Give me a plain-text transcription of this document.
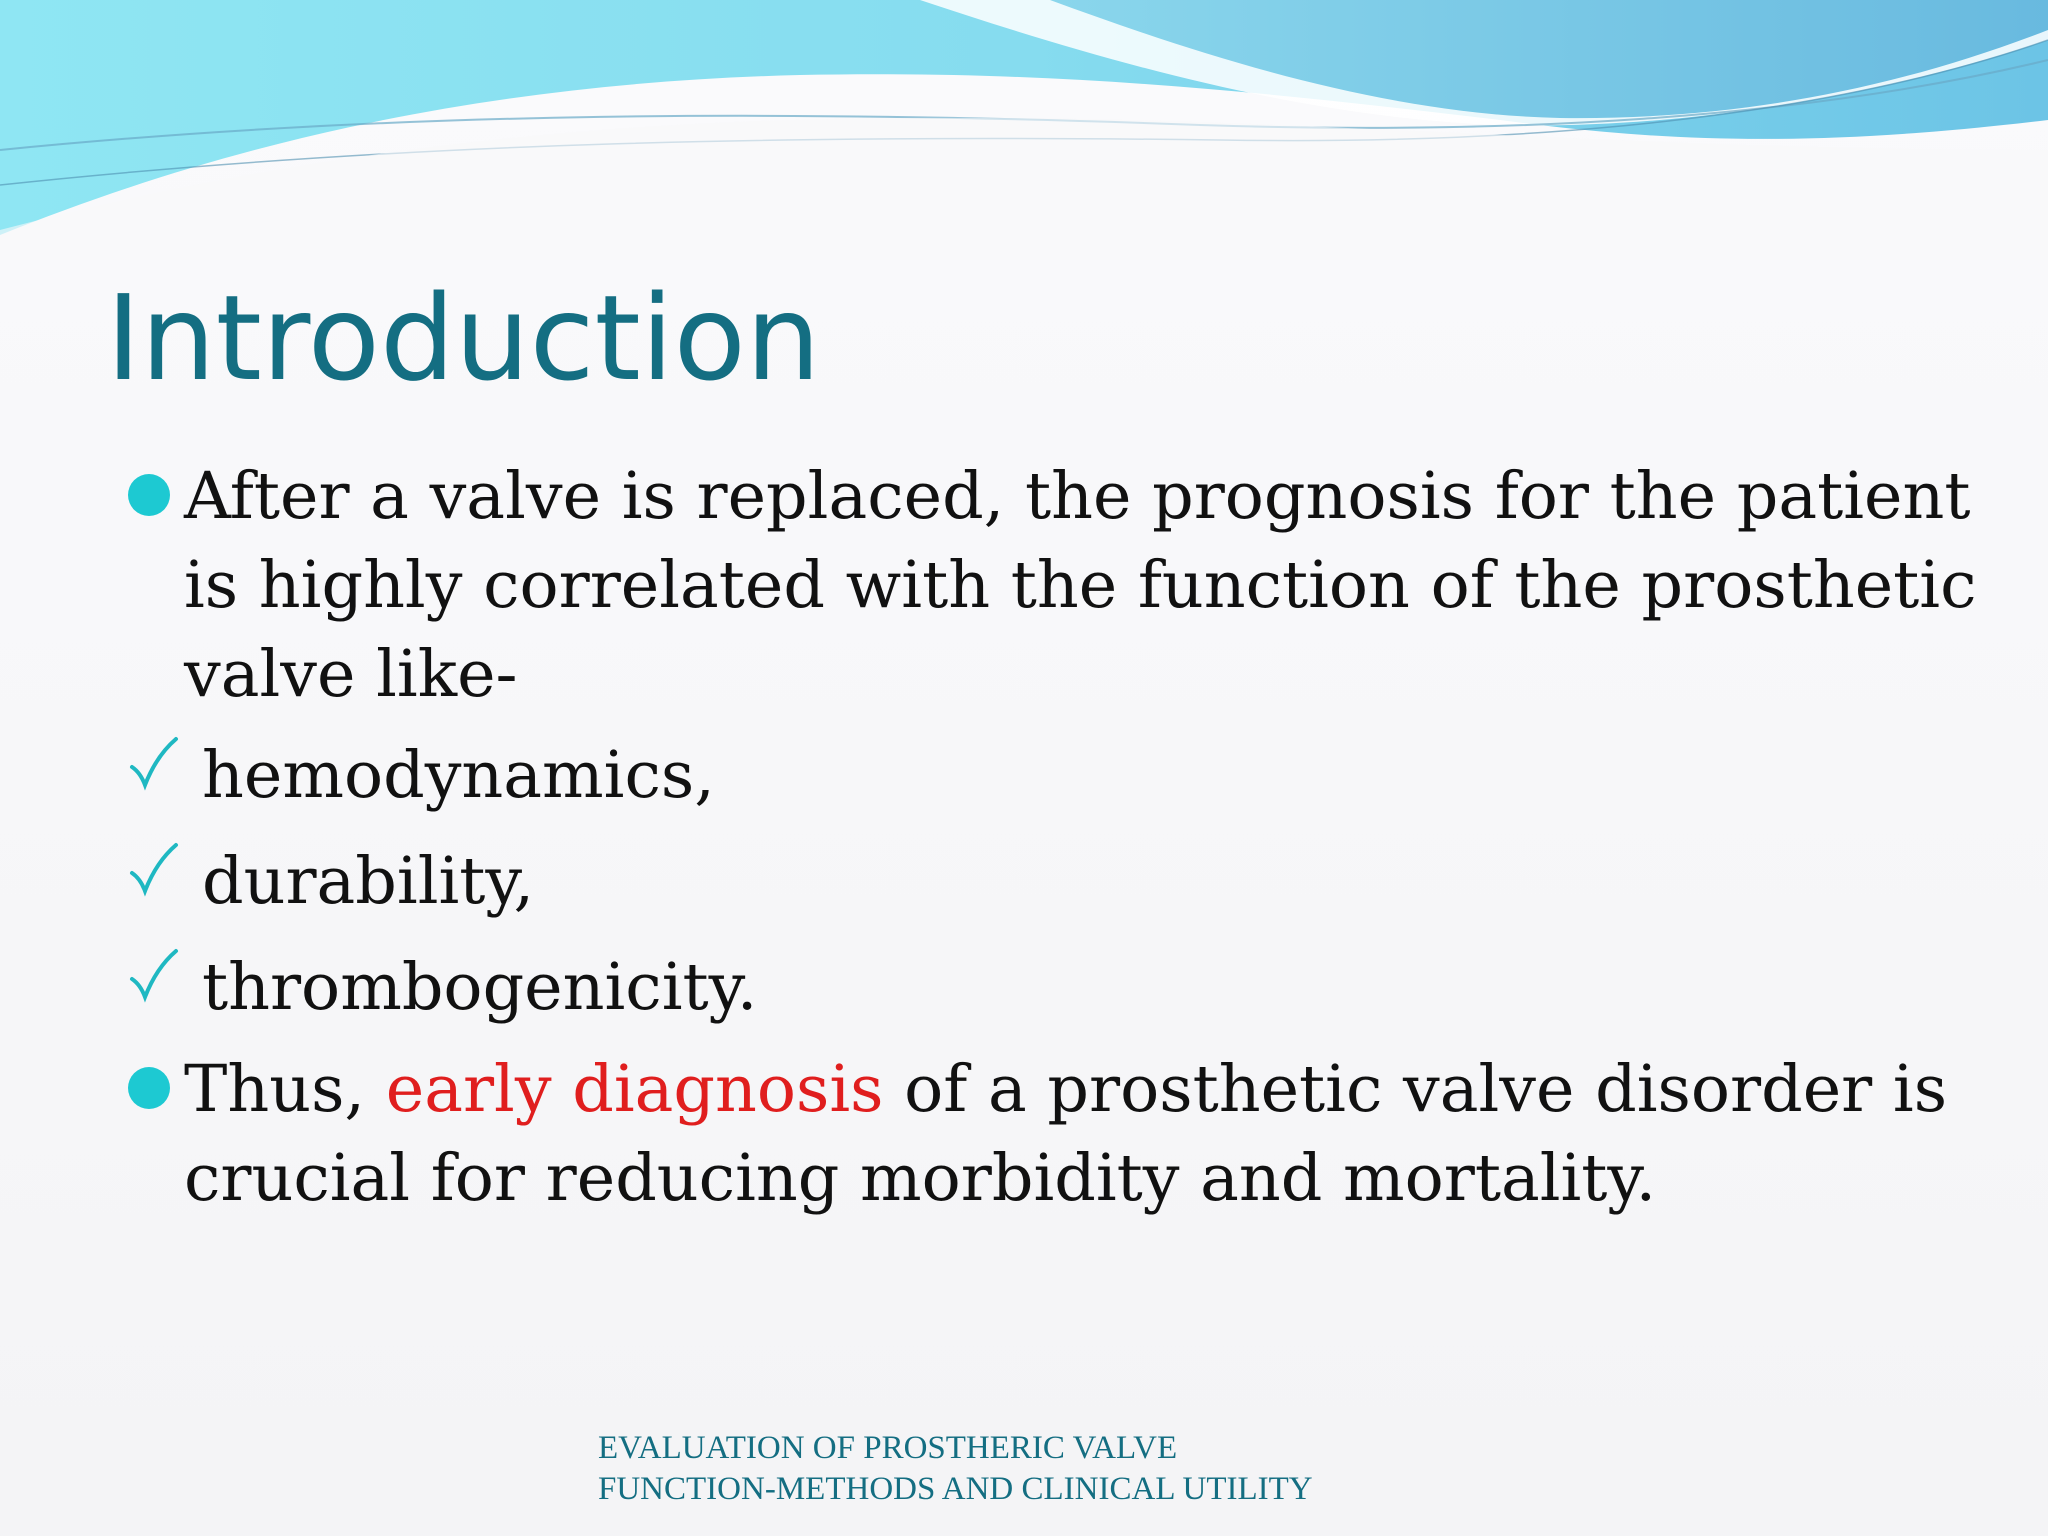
Introduction

After a valve is replaced, the prognosis for the patient is highly correlated with the function of the prosthetic valve like-

hemodynamics,

durability,

thrombogenicity.

Thus, early diagnosis of a prosthetic valve disorder is crucial for reducing morbidity and mortality.

EVALUATION OF PROSTHERIC VALVE
FUNCTION-METHODS AND CLINICAL UTILITY
